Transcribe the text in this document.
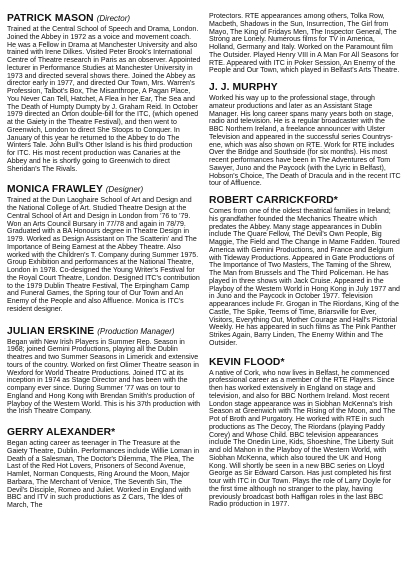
PATRICK MASON (Director)

Trained at the Central School of Speech and Drama, London. Joined the Abbey in 1972 as a voice and movement coach. He was a Fellow in Drama at Manchester University and also trained with Irene Dilkes. Visited Peter Brook's International Centre of Theatre research in Paris as an observer. Appointed lecturer in Performance Studies at Manchester University in 1973 and directed several shows there. Joined the Abbey as director early in 1977, and directed Our Town, Mrs. Warren's Profession, Talbot's Box, The Misanthrope, A Pagan Place, You Never Can Tell, Hatchet, A Flea in her Ear, The Sea and The Death of Humpty Dumpty by J. Graham Reid. In October 1979 directed an Orton double-bill for the ITC, (which opened at the Gaiety in the Theatre Festival), and then went to Greenwich, London to direct She Stoops to Conquer. In January of this year he returned to the Abbey to do The Winters Tale. John Bull's Other Island is his third production for ITC. His most recent production was Canaries at the Abbey and he is shortly going to Greenwich to direct Sheridan's The Rivals.

MONICA FRAWLEY (Designer)

Trained at the Dun Laoghaire School of Art and Design and the National College of Art. Studied Theatre Design at the Central School of Art and Design in London from '76 to '79. Won an Arts Council Bursary in 77/78 and again in 78/79. Graduated with a BA Honours degree in Theatre Design in 1979. Worked as Design Assistant on The Scatterin' and The Importance of Being Earnest at the Abbey Theatre. Also worked with the Children's T. Company during Summer 1975. Group Exhibition and performances at the National Theatre, London in 1978. Co-designed the Young Writer's Festival for the Royal Court Theatre, London. Designed ITC's contribution to the 1979 Dublin Theatre Festival, The Erpingham Camp and Funeral Games, the Spring tour of Our Town and An Enemy of the People and also Affluence. Monica is ITC's resident designer.

JULIAN ERSKINE (Production Manager)

Began with New Irish Players in Summer Rep. Season in 1968; joined Gemini Productions, playing all the Dublin theatres and two Summer Seasons in Limerick and extensive tours of the country. Worked on first Olimer Theatre season in Wexford for World Theatre Productions. Joined ITC at its inception in 1974 as Stage Director and has been with the company ever since. During Summer '77 was on tour to England and Hong Kong with Brendan Smith's production of Playboy of the Western World. This is his 37th production with the Irish Theatre Company.

GERRY ALEXANDER*

Began acting career as teenager in The Treasure at the Gaiety Theatre, Dublin. Performances include Willie Loman in Death of a Salesman, The Doctor's Dilemma, The Plea, The Last of the Red Hot Lovers, Prisoners of Second Avenue, Hamlet, Norman Conquests, Ring Around the Moon, Major Barbara, The Merchant of Venice, The Seventh Sin, The Devil's Disciple, Romeo and Juliet. Worked in England with BBC and ITV in such productions as Z Cars, The Ides of March, The

Protectors. RTE appearances among others, Tolka Row, Macbeth, Shadows in the Sun, Insurrection, The Girl from Mayo, The King of Fridays Men, The Inspector General, The Strong are Lonely. Numerous films for TV in America, Holland, Germany and Italy. Worked on the Paramount film The Outsider. Played Henry VIII in A Man For All Seasons for RTE. Appeared with ITC in Poker Session, An Enemy of the People and Our Town, which played in Belfast's Arts Theatre.

J. J. MURPHY

Worked his way up to the professional stage, through amateur productions and later as an Assistant Stage Manager. His long career spans many years both on stage, radio and television. He is a regular broadcaster with the BBC Northern Ireland, a freelance announcer with Ulster Television and appeared in the successful series Countrys- ene, which was also shown on RTE. Work for RTE includes Over the Bridge and Southside (for six months). His most recent performances have been in The Adventures of Tom Sawyer, Juno and the Paycock (with the Lyric in Belfast), Hobson's Choice, The Death of Dracula and in the recent ITC tour of Affluence.

ROBERT CARRICKFORD*

Comes from one of the oldest theatrical families in Ireland; his grandfather founded the Mechanics Theatre which predates the Abbey. Many stage appearances in Dublin include The Quare Fellow, The Devil's Own People, Big Maggie, The Field and The Change in Mame Fadden. Toured America with Gemini Productions, and France and Belgium with Tideway Productions. Appeared in Gate Productions of The Importance of Two Masters, The Taming of the Shrew, The Man from Brussels and The Third Policeman. He has played in three shows with Jack Cruise. Appeared in the Playboy of the Western World in Hong Kong in July 1977 and in Juno and the Paycock in October 1977. Television appearances include Fr. Grogan in The Riordans, King of the Castle, The Spike, Teems of Time, Briarsville for Ever, Visitors, Everything Out, Mother Courage and Hall's Pictorial Weekly. He has appeared in such films as The Pink Panther Strikes Again, Barry Linden, The Enemy Within and The Outsider.

KEVIN FLOOD*

A native of Cork, who now lives in Belfast, he commenced professional career as a member of the RTE Players. Since then has worked extensively in England on stage and television, and also for BBC Northern Ireland. Most recent London stage appearance was in Siobhan McKenna's Irish Season at Greenwich with The Rising of the Moon, and The Pot of Broth and Purgatory. He worked with RTE in such productions as The Decoy, The Riordans (playing Paddy Corey) and Whose Child. BBC television appearances include The Onedin Line, Kids, Shoeshine, The Liberty Suit and old Mahon in the Playboy of the Western World, with Siobhan McKenna, which also toured the UK and Hong Kong. Will shortly be seen in a new BBC series on Lloyd George as Sir Edward Carson. Has just completed his first tour with ITC in Our Town. Plays the role of Larry Doyle for the first time although no stranger to the play, having previously broadcast both Haffigan roles in the last BBC Radio production in 1977.
